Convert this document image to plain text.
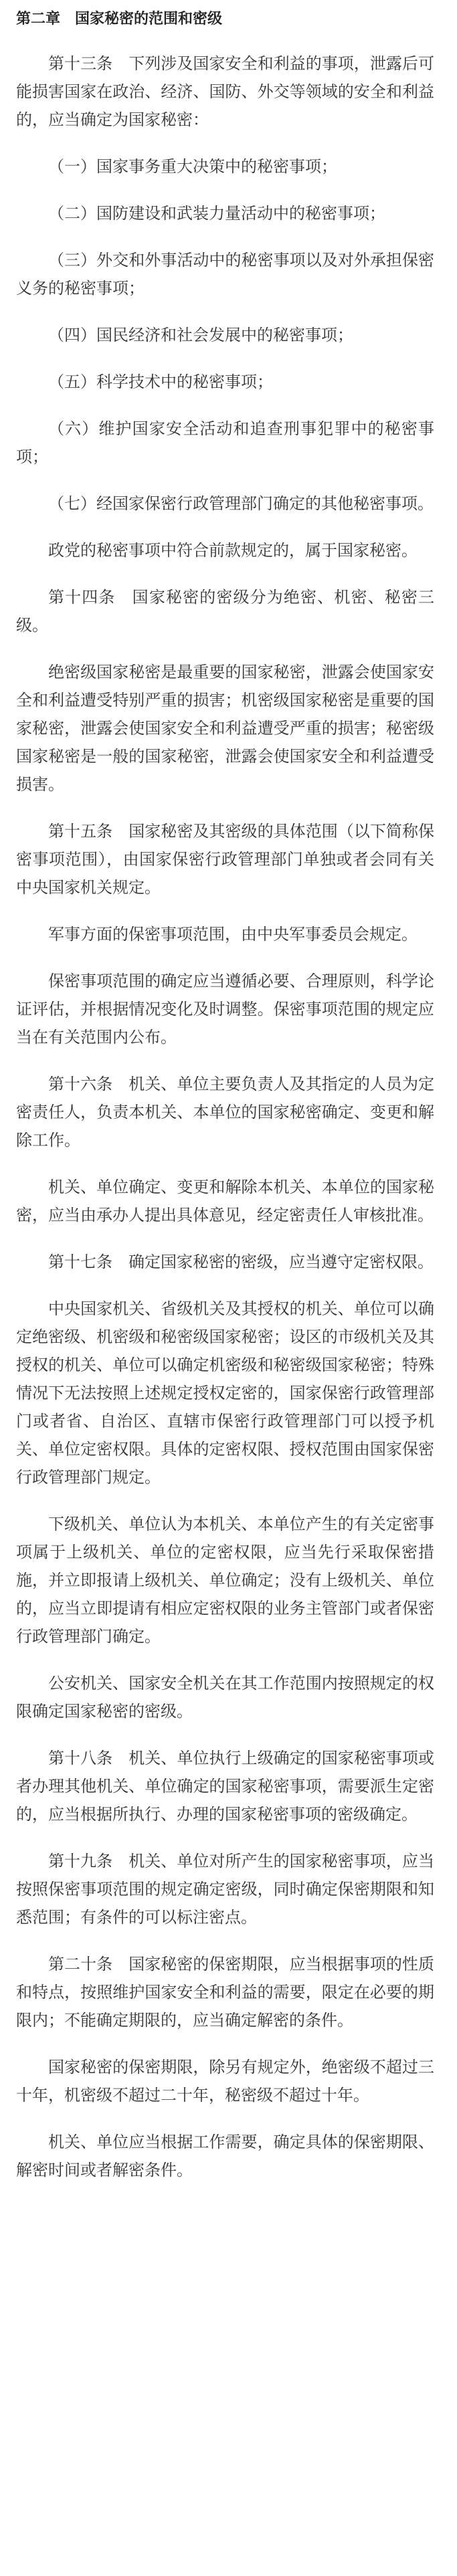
第二章　国家秘密的范围和密级

第十三条　下列涉及国家安全和利益的事项，泄露后可能损害国家在政治、经济、国防、外交等领域的安全和利益的，应当确定为国家秘密：

（一）国家事务重大决策中的秘密事项；

（二）国防建设和武装力量活动中的秘密事项；

（三）外交和外事活动中的秘密事项以及对外承担保密义务的秘密事项；

（四）国民经济和社会发展中的秘密事项；

（五）科学技术中的秘密事项；

（六）维护国家安全活动和追查刑事犯罪中的秘密事项；

（七）经国家保密行政管理部门确定的其他秘密事项。

政党的秘密事项中符合前款规定的，属于国家秘密。

第十四条　国家秘密的密级分为绝密、机密、秘密三级。

绝密级国家秘密是最重要的国家秘密，泄露会使国家安全和利益遭受特别严重的损害；机密级国家秘密是重要的国家秘密，泄露会使国家安全和利益遭受严重的损害；秘密级国家秘密是一般的国家秘密，泄露会使国家安全和利益遭受损害。

第十五条　国家秘密及其密级的具体范围（以下简称保密事项范围），由国家保密行政管理部门单独或者会同有关中央国家机关规定。

军事方面的保密事项范围，由中央军事委员会规定。

保密事项范围的确定应当遵循必要、合理原则，科学论证评估，并根据情况变化及时调整。保密事项范围的规定应当在有关范围内公布。

第十六条　机关、单位主要负责人及其指定的人员为定密责任人，负责本机关、本单位的国家秘密确定、变更和解除工作。

机关、单位确定、变更和解除本机关、本单位的国家秘密，应当由承办人提出具体意见，经定密责任人审核批准。

第十七条　确定国家秘密的密级，应当遵守定密权限。

中央国家机关、省级机关及其授权的机关、单位可以确定绝密级、机密级和秘密级国家秘密；设区的市级机关及其授权的机关、单位可以确定机密级和秘密级国家秘密；特殊情况下无法按照上述规定授权定密的，国家保密行政管理部门或者省、自治区、直辖市保密行政管理部门可以授予机关、单位定密权限。具体的定密权限、授权范围由国家保密行政管理部门规定。

下级机关、单位认为本机关、本单位产生的有关定密事项属于上级机关、单位的定密权限，应当先行采取保密措施，并立即报请上级机关、单位确定；没有上级机关、单位的，应当立即提请有相应定密权限的业务主管部门或者保密行政管理部门确定。

公安机关、国家安全机关在其工作范围内按照规定的权限确定国家秘密的密级。

第十八条　机关、单位执行上级确定的国家秘密事项或者办理其他机关、单位确定的国家秘密事项，需要派生定密的，应当根据所执行、办理的国家秘密事项的密级确定。

第十九条　机关、单位对所产生的国家秘密事项，应当按照保密事项范围的规定确定密级，同时确定保密期限和知悉范围；有条件的可以标注密点。

第二十条　国家秘密的保密期限，应当根据事项的性质和特点，按照维护国家安全和利益的需要，限定在必要的期限内；不能确定期限的，应当确定解密的条件。

国家秘密的保密期限，除另有规定外，绝密级不超过三十年，机密级不超过二十年，秘密级不超过十年。

机关、单位应当根据工作需要，确定具体的保密期限、解密时间或者解密条件。
